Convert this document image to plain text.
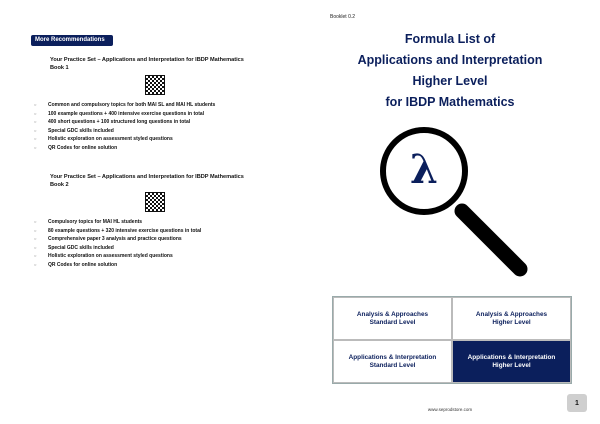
More Recommendations
Your Practice Set – Applications and Interpretation for IBDP Mathematics
Book 1
○ Common and compulsory topics for both MAI SL and MAI HL students
○ 100 example questions + 400 intensive exercise questions in total
○ 400 short questions + 100 structured long questions in total
○ Special GDC skills included
○ Holistic exploration on assessment styled questions
○ QR Codes for online solution
Your Practice Set – Applications and Interpretation for IBDP Mathematics
Book 2
○ Compulsory topics for MAI HL students
○ 80 example questions + 320 intensive exercise questions in total
○ Comprehensive paper 3 analysis and practice questions
○ Special GDC skills included
○ Holistic exploration on assessment styled questions
○ QR Codes for online solution
Booklet 0.2
Formula List of
Applications and Interpretation
Higher Level
for IBDP Mathematics
λ
Analysis & Approaches
Standard Level
Analysis & Approaches
Higher Level
Applications & Interpretation
Standard Level
Applications & Interpretation
Higher Level
1
www.seprodstore.com
